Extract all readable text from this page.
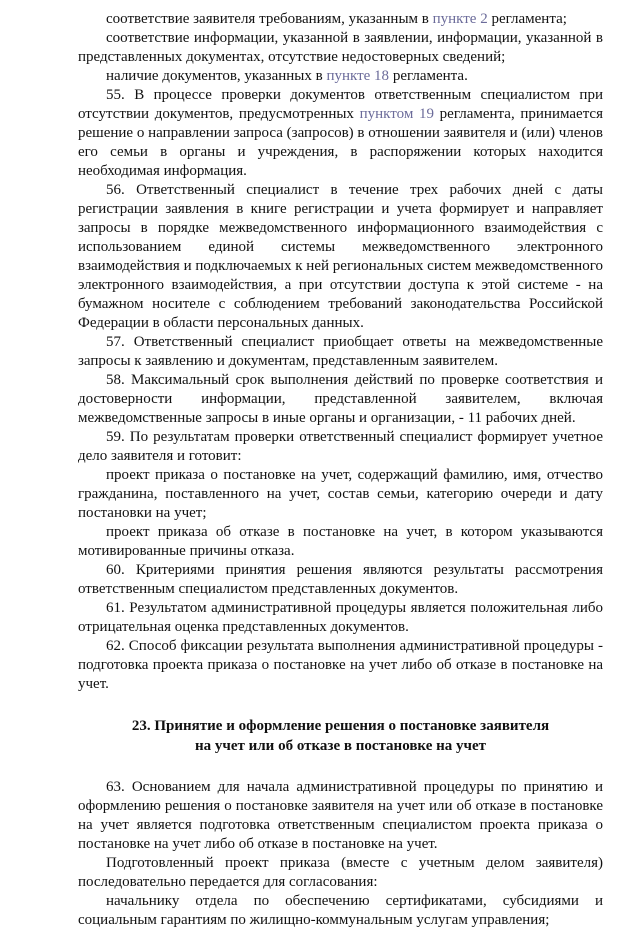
соответствие заявителя требованиям, указанным в пункте 2 регламента;

соответствие информации, указанной в заявлении, информации, указанной в представленных документах, отсутствие недостоверных сведений;

наличие документов, указанных в пункте 18 регламента.

55. В процессе проверки документов ответственным специалистом при отсутствии документов, предусмотренных пунктом 19 регламента, принимается решение о направлении запроса (запросов) в отношении заявителя и (или) членов его семьи в органы и учреждения, в распоряжении которых находится необходимая информация.

56. Ответственный специалист в течение трех рабочих дней с даты регистрации заявления в книге регистрации и учета формирует и направляет запросы в порядке межведомственного информационного взаимодействия с использованием единой системы межведомственного электронного взаимодействия и подключаемых к ней региональных систем межведомственного электронного взаимодействия, а при отсутствии доступа к этой системе - на бумажном носителе с соблюдением требований законодательства Российской Федерации в области персональных данных.

57. Ответственный специалист приобщает ответы на межведомственные запросы к заявлению и документам, представленным заявителем.

58. Максимальный срок выполнения действий по проверке соответствия и достоверности информации, представленной заявителем, включая межведомственные запросы в иные органы и организации, - 11 рабочих дней.

59. По результатам проверки ответственный специалист формирует учетное дело заявителя и готовит:

проект приказа о постановке на учет, содержащий фамилию, имя, отчество гражданина, поставленного на учет, состав семьи, категорию очереди и дату постановки на учет;

проект приказа об отказе в постановке на учет, в котором указываются мотивированные причины отказа.

60. Критериями принятия решения являются результаты рассмотрения ответственным специалистом представленных документов.

61. Результатом административной процедуры является положительная либо отрицательная оценка представленных документов.

62. Способ фиксации результата выполнения административной процедуры - подготовка проекта приказа о постановке на учет либо об отказе в постановке на учет.

23. Принятие и оформление решения о постановке заявителя
на учет или об отказе в постановке на учет

63. Основанием для начала административной процедуры по принятию и оформлению решения о постановке заявителя на учет или об отказе в постановке на учет является подготовка ответственным специалистом проекта приказа о постановке на учет либо об отказе в постановке на учет.

Подготовленный проект приказа (вместе с учетным делом заявителя) последовательно передается для согласования:

начальнику отдела по обеспечению сертификатами, субсидиями и социальным гарантиям по жилищно-коммунальным услугам управления;
